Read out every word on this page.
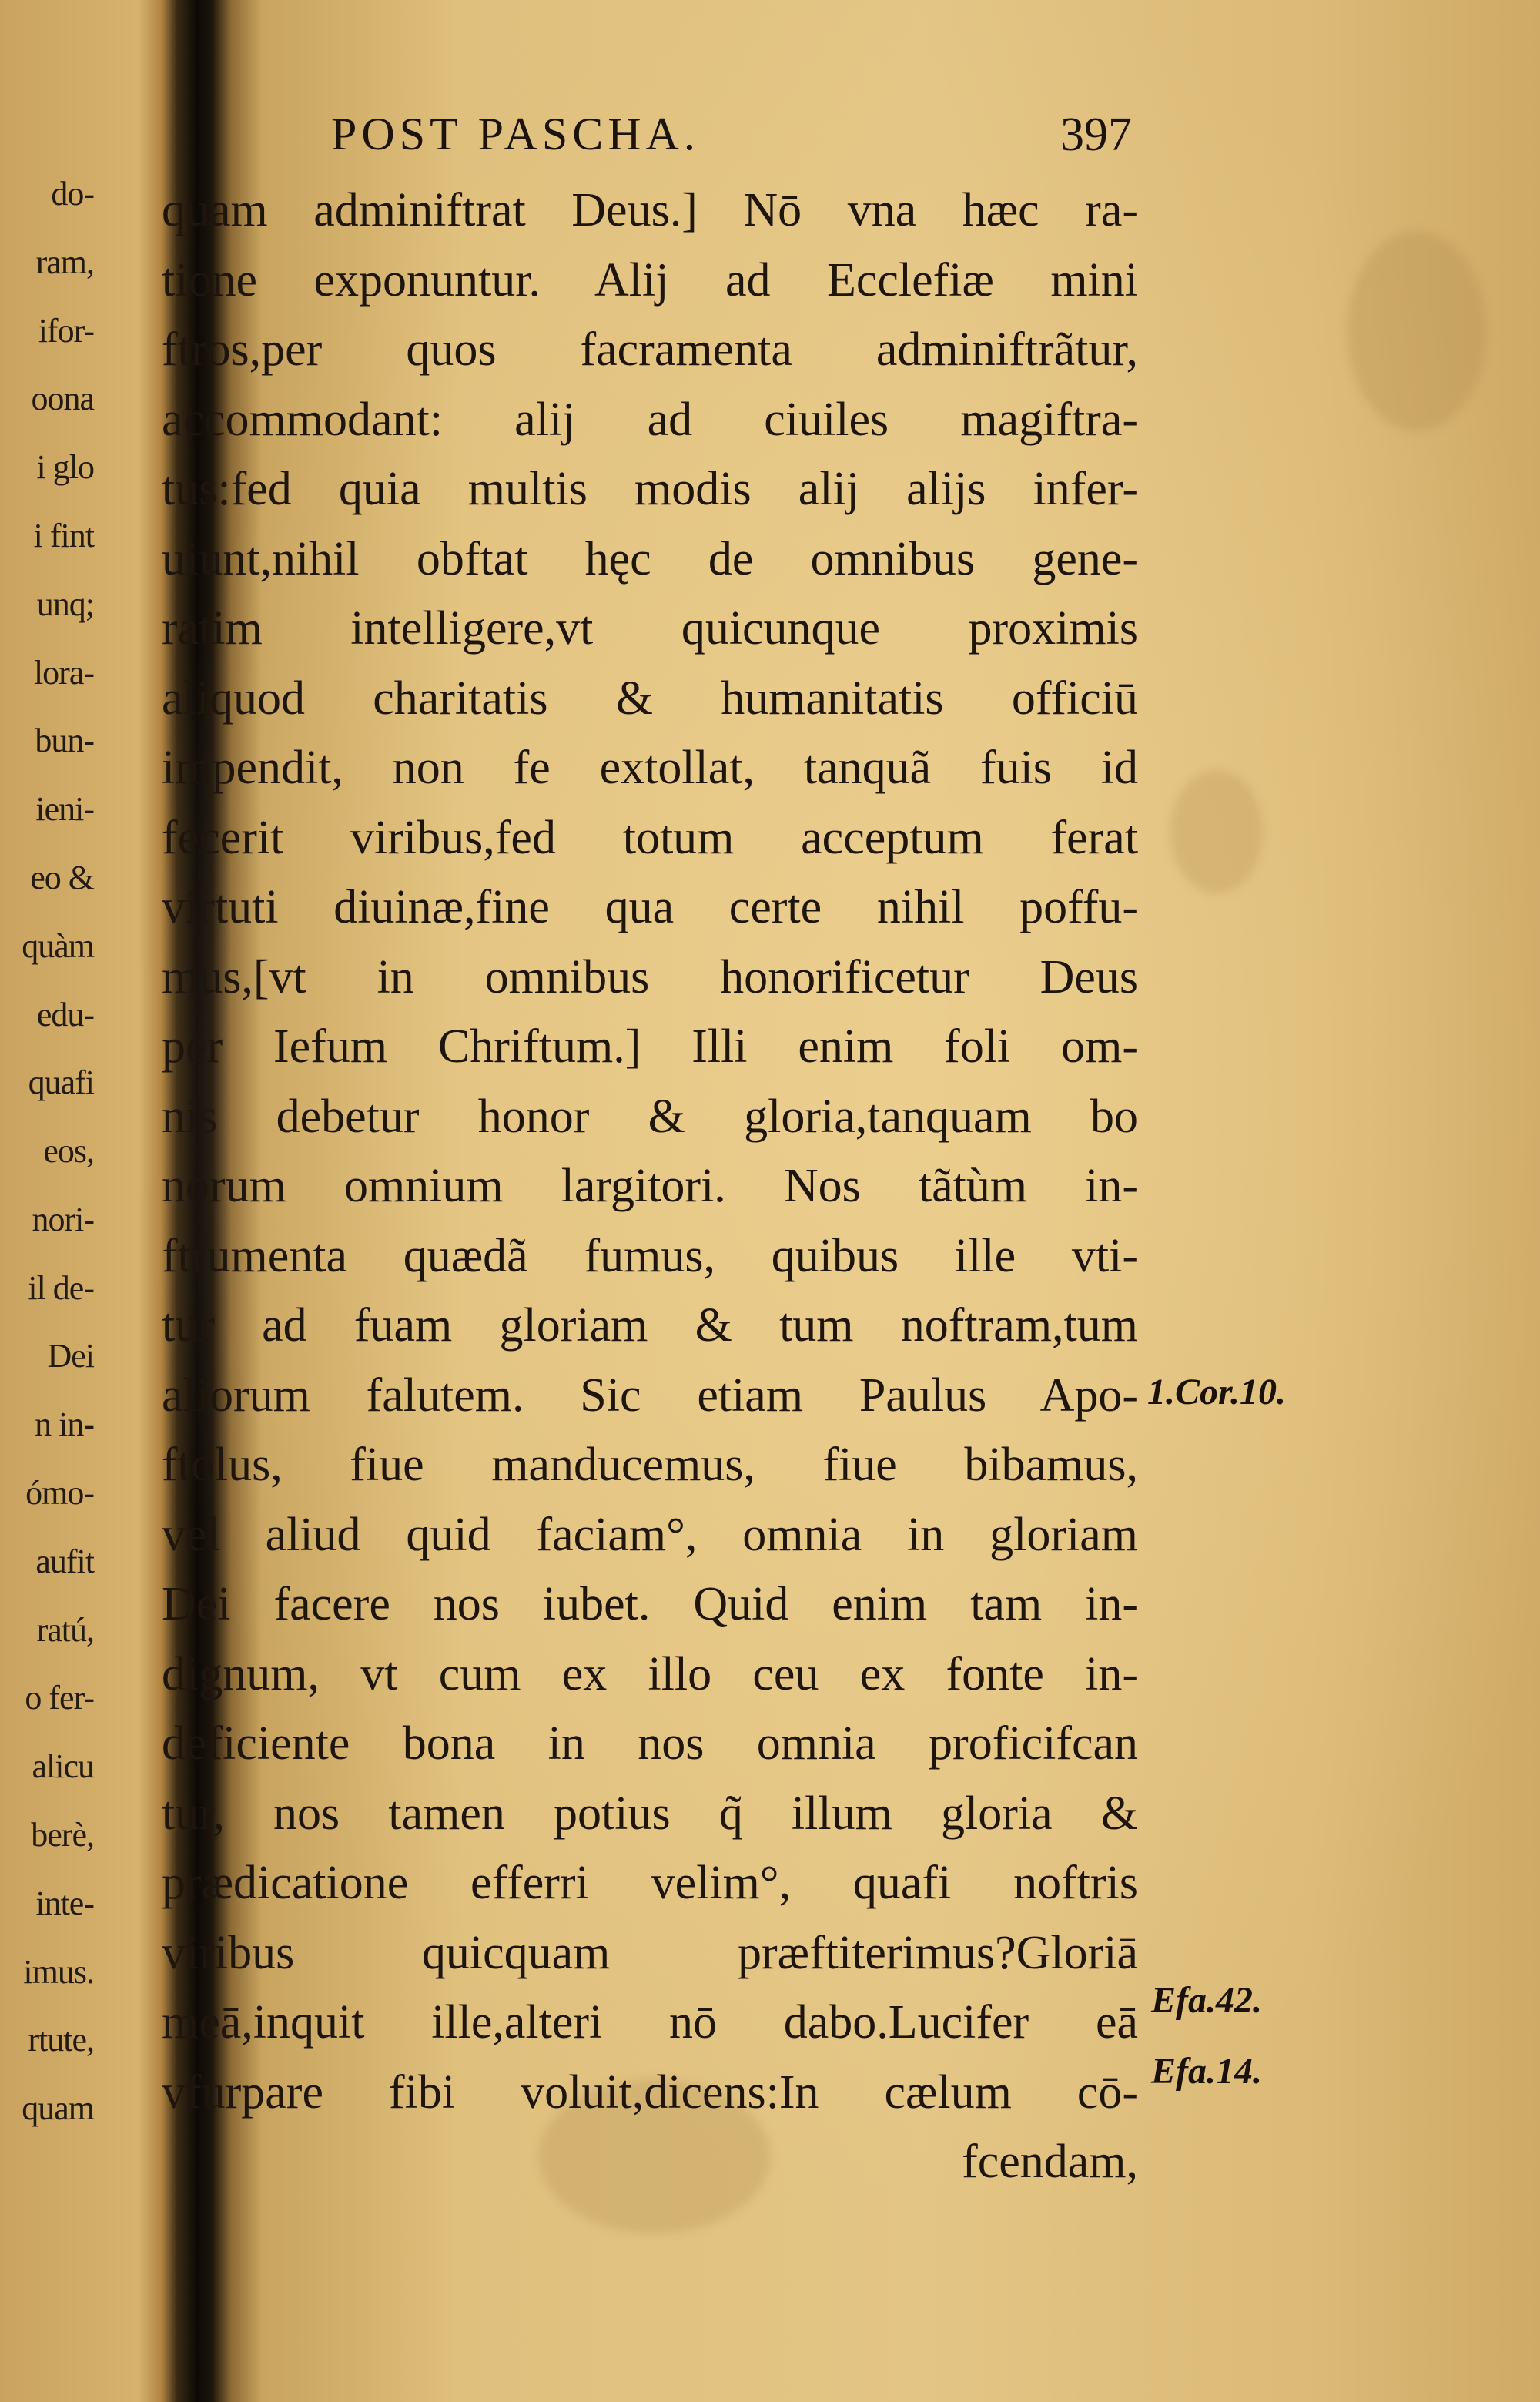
do-
ram,
ifor-
oona
i glo
i fint
unq;
lora-
bun-
ieni-
eo &
quàm
edu-
quafi
eos,
nori-
il de-
Dei
n in-
ómo-
aufit
ratú,
o fer-
alicu
berè,
inte-
imus.
rtute,
quam
POST PASCHA.	397
quam adminiftrat Deus.] Nō vna hæc ra-
tione exponuntur. Alij ad Ecclefiæ mini
ftros,per quos facramenta adminiftrãtur,
accommodant: alij ad ciuiles magiftra-
tus:fed quia multis modis alij alijs infer-
uiunt,nihil obftat hęc de omnibus gene-
ratim intelligere,vt quicunque proximis
aliquod charitatis & humanitatis officiū
impendit, non fe extollat, tanquã fuis id
fecerit viribus,fed totum acceptum ferat
virtuti diuinæ,fine qua certe nihil poffu-
mus,[vt in omnibus honorificetur Deus
per Iefum Chriftum.] Illi enim foli om-
nis debetur honor & gloria,tanquam bo
norum omnium largitori. Nos tãtùm in-
ftrumenta quædã fumus, quibus ille vti-
tur ad fuam gloriam & tum noftram,tum
aliorum falutem. Sic etiam Paulus Apo-
ftolus, fiue manducemus, fiue bibamus,
vel aliud quid faciam°, omnia in gloriam
Dei facere nos iubet. Quid enim tam in-
dignum, vt cum ex illo ceu ex fonte in-
deficiente bona in nos omnia proficifcan
tur, nos tamen potius q̃ illum gloria &
prædicatione efferri velim°, quafi noftris
viribus quicquam præftiterimus?Gloriā
meā,inquit ille,alteri nō dabo.Lucifer eā
vfurpare fibi voluit,dicens:In cælum cō-
fcendam,
1.Cor.10.
Efa.42.
Efa.14.
